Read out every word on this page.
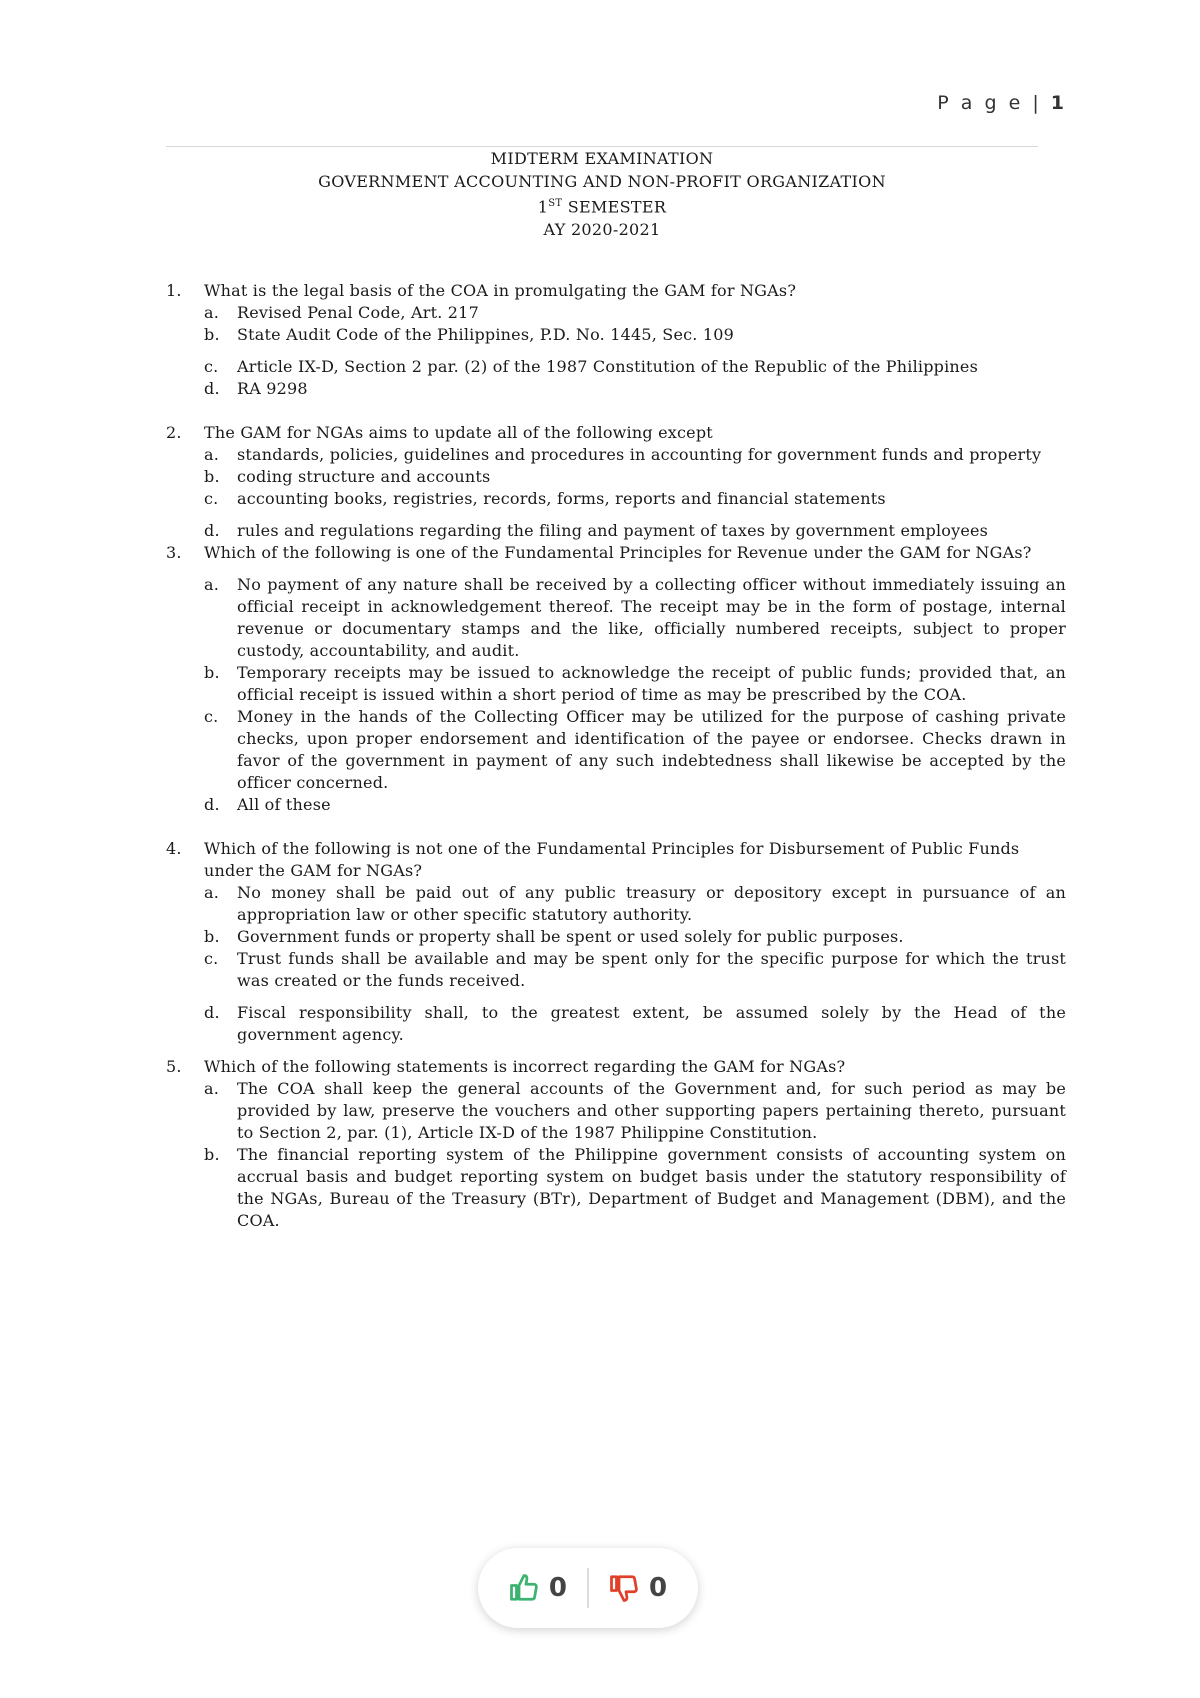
P a g e | 1
MIDTERM EXAMINATION
GOVERNMENT ACCOUNTING AND NON-PROFIT ORGANIZATION
1ST SEMESTER
AY 2020-2021
1.	What is the legal basis of the COA in promulgating the GAM for NGAs?
a.	Revised Penal Code, Art. 217
b.	State Audit Code of the Philippines, P.D. No. 1445, Sec. 109
c.	Article IX-D, Section 2 par. (2) of the 1987 Constitution of the Republic of the Philippines
d.	RA 9298
2.	The GAM for NGAs aims to update all of the following except
a.	standards, policies, guidelines and procedures in accounting for government funds and property
b.	coding structure and accounts
c.	accounting books, registries, records, forms, reports and financial statements
d.	rules and regulations regarding the filing and payment of taxes by government employees
3.	Which of the following is one of the Fundamental Principles for Revenue under the GAM for NGAs?
a.	No payment of any nature shall be received by a collecting officer without immediately issuing an official receipt in acknowledgement thereof. The receipt may be in the form of postage, internal revenue or documentary stamps and the like, officially numbered receipts, subject to proper custody, accountability, and audit.
b.	Temporary receipts may be issued to acknowledge the receipt of public funds; provided that, an official receipt is issued within a short period of time as may be prescribed by the COA.
c.	Money in the hands of the Collecting Officer may be utilized for the purpose of cashing private checks, upon proper endorsement and identification of the payee or endorsee. Checks drawn in favor of the government in payment of any such indebtedness shall likewise be accepted by the officer concerned.
d.	All of these
4.	Which of the following is not one of the Fundamental Principles for Disbursement of Public Funds under the GAM for NGAs?
a.	No money shall be paid out of any public treasury or depository except in pursuance of an appropriation law or other specific statutory authority.
b.	Government funds or property shall be spent or used solely for public purposes.
c.	Trust funds shall be available and may be spent only for the specific purpose for which the trust was created or the funds received.
d.	Fiscal responsibility shall, to the greatest extent, be assumed solely by the Head of the government agency.
5.	Which of the following statements is incorrect regarding the GAM for NGAs?
a.	The COA shall keep the general accounts of the Government and, for such period as may be provided by law, preserve the vouchers and other supporting papers pertaining thereto, pursuant to Section 2, par. (1), Article IX-D of the 1987 Philippine Constitution.
b.	The financial reporting system of the Philippine government consists of accounting system on accrual basis and budget reporting system on budget basis under the statutory responsibility of the NGAs, Bureau of the Treasury (BTr), Department of Budget and Management (DBM), and the COA.
0	0
